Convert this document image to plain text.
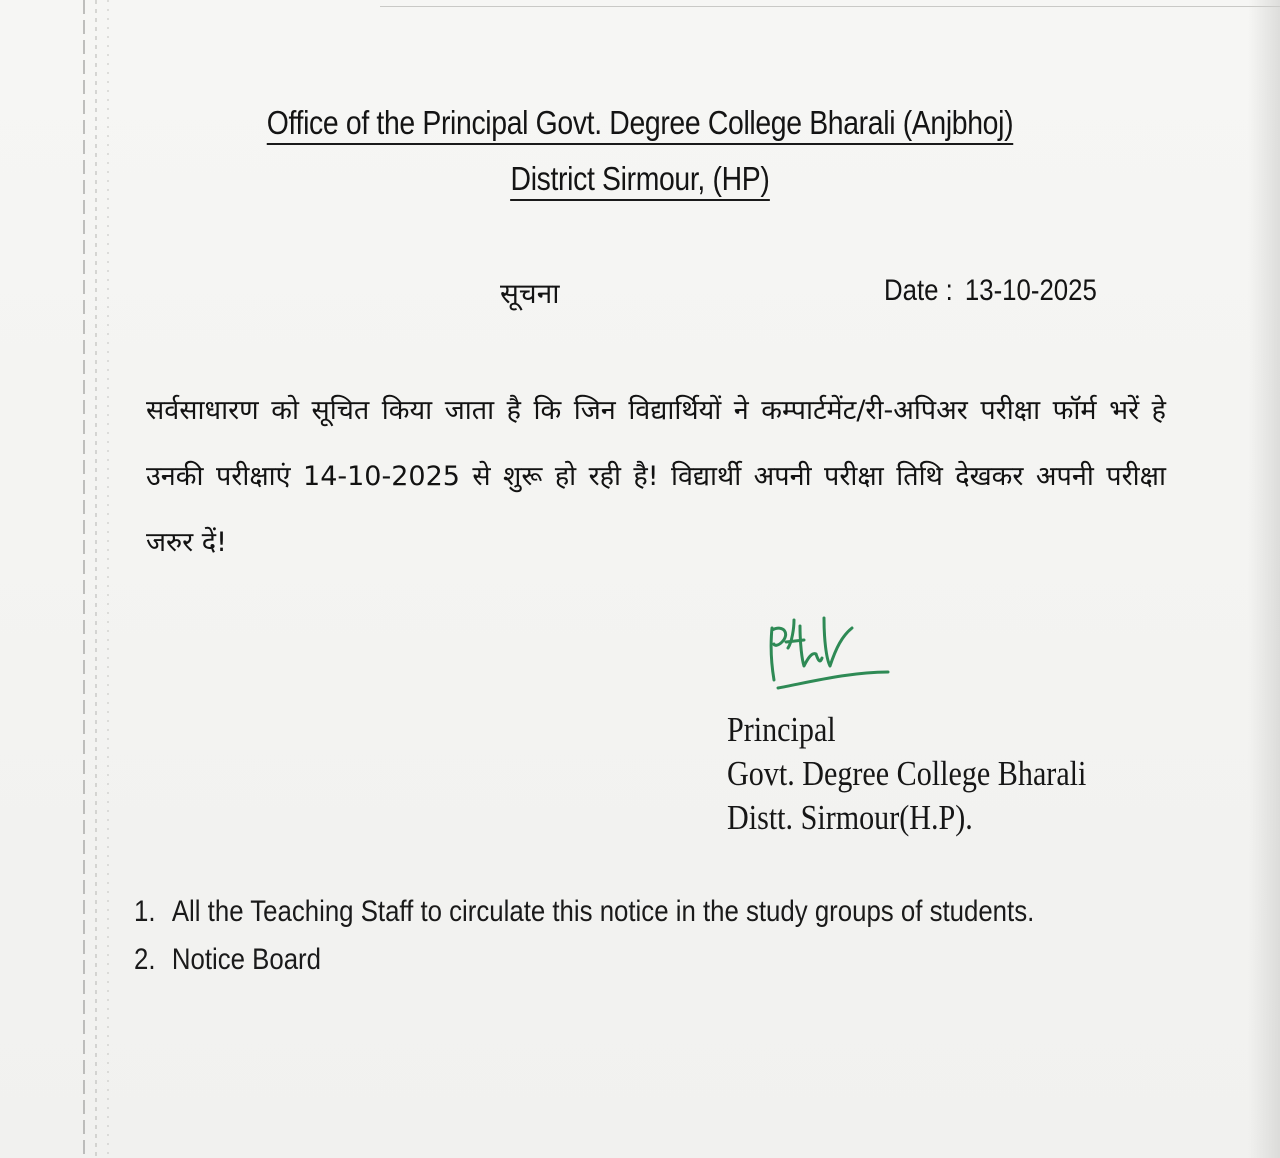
Office of the Principal Govt. Degree College Bharali (Anjbhoj)
District Sirmour, (HP)
सूचना	Date : 13-10-2025
सर्वसाधारण को सूचित किया जाता है कि जिन विद्यार्थियों ने कम्पार्टमेंट/री-अपिअर परीक्षा फॉर्म भरें हे उनकी परीक्षाएं 14-10-2025 से शुरू हो रही है! विद्यार्थी अपनी परीक्षा तिथि देखकर अपनी परीक्षा जरुर दें!
Principal
Govt. Degree College Bharali
Distt. Sirmour(H.P).
1. All the Teaching Staff to circulate this notice in the study groups of students.
2. Notice Board
